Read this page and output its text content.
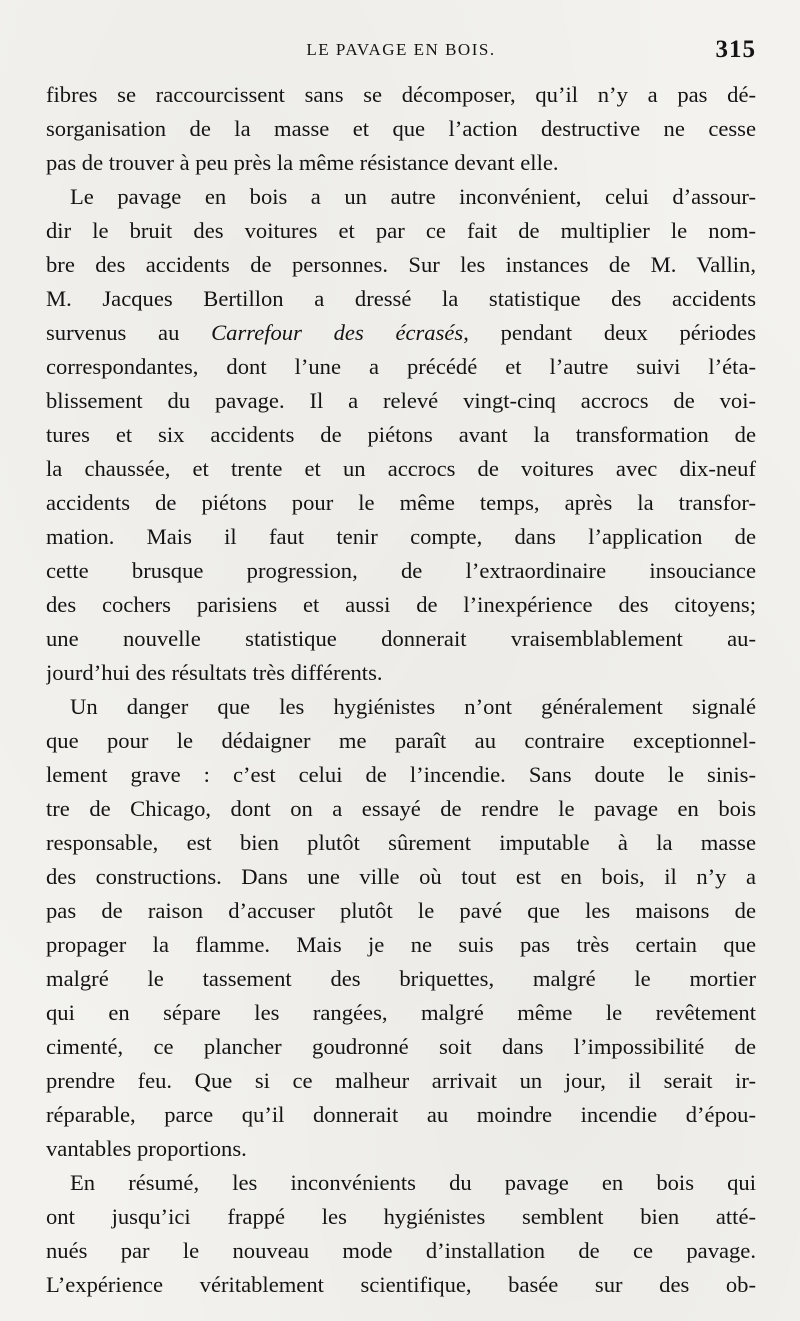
LE PAVAGE EN BOIS.	315
fibres se raccourcissent sans se décomposer, qu’il n’y a pas dé-
sorganisation de la masse et que l’action destructive ne cesse
pas de trouver à peu près la même résistance devant elle.
Le pavage en bois a un autre inconvénient, celui d’assour-
dir le bruit des voitures et par ce fait de multiplier le nom-
bre des accidents de personnes. Sur les instances de M. Vallin,
M. Jacques Bertillon a dressé la statistique des accidents
survenus au Carrefour des écrasés, pendant deux périodes
correspondantes, dont l’une a précédé et l’autre suivi l’éta-
blissement du pavage. Il a relevé vingt-cinq accrocs de voi-
tures et six accidents de piétons avant la transformation de
la chaussée, et trente et un accrocs de voitures avec dix-neuf
accidents de piétons pour le même temps, après la transfor-
mation. Mais il faut tenir compte, dans l’application de
cette brusque progression, de l’extraordinaire insouciance
des cochers parisiens et aussi de l’inexpérience des citoyens;
une nouvelle statistique donnerait vraisemblablement au-
jourd’hui des résultats très différents.
Un danger que les hygiénistes n’ont généralement signalé
que pour le dédaigner me paraît au contraire exceptionnel-
lement grave : c’est celui de l’incendie. Sans doute le sinis-
tre de Chicago, dont on a essayé de rendre le pavage en bois
responsable, est bien plutôt sûrement imputable à la masse
des constructions. Dans une ville où tout est en bois, il n’y a
pas de raison d’accuser plutôt le pavé que les maisons de
propager la flamme. Mais je ne suis pas très certain que
malgré le tassement des briquettes, malgré le mortier
qui en sépare les rangées, malgré même le revêtement
cimenté, ce plancher goudronné soit dans l’impossibilité de
prendre feu. Que si ce malheur arrivait un jour, il serait ir-
réparable, parce qu’il donnerait au moindre incendie d’épou-
vantables proportions.
En résumé, les inconvénients du pavage en bois qui
ont jusqu’ici frappé les hygiénistes semblent bien atté-
nués par le nouveau mode d’installation de ce pavage.
L’expérience véritablement scientifique, basée sur des ob-
